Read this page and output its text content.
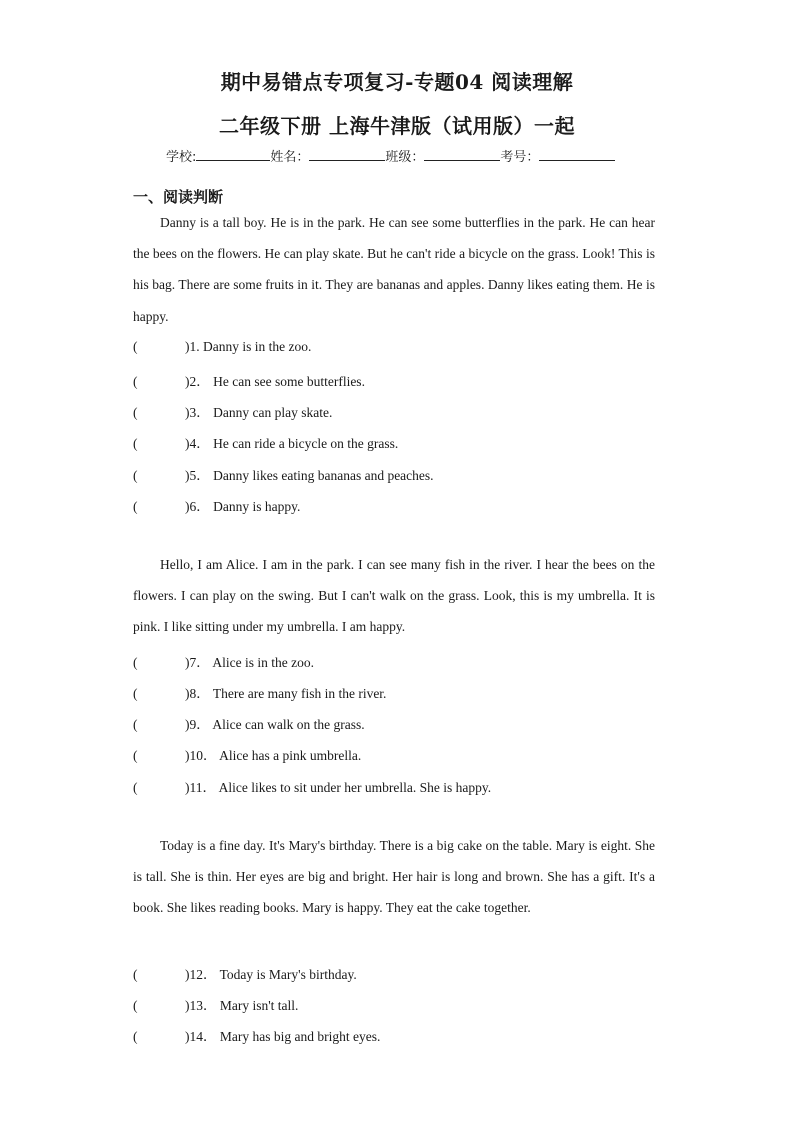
期中易错点专项复习-专题04 阅读理解
二年级下册 上海牛津版（试用版）一起
学校:	姓名：	班级：	考号：
一、阅读判断
Danny is a tall boy. He is in the park. He can see some butterflies in the park. He can hear the bees on the flowers. He can play skate. But he can't ride a bicycle on the grass. Look! This is his bag. There are some fruits in it. They are bananas and apples. Danny likes eating them. He is happy.
(	)1. Danny is in the zoo.
(	)2． He can see some butterflies.
(	)3． Danny can play skate.
(	)4． He can ride a bicycle on the grass.
(	)5． Danny likes eating bananas and peaches.
(	)6． Danny is happy.
Hello, I am Alice. I am in the park. I can see many fish in the river. I hear the bees on the flowers. I can play on the swing. But I can't walk on the grass. Look, this is my umbrella. It is pink. I like sitting under my umbrella. I am happy.
(	)7． Alice is in the zoo.
(	)8． There are many fish in the river.
(	)9． Alice can walk on the grass.
(	)10． Alice has a pink umbrella.
(	)11． Alice likes to sit under her umbrella. She is happy.
Today is a fine day. It's Mary's birthday. There is a big cake on the table. Mary is eight. She is tall. She is thin. Her eyes are big and bright. Her hair is long and brown. She has a gift. It's a book. She likes reading books. Mary is happy. They eat the cake together.
(	)12． Today is Mary's birthday.
(	)13． Mary isn't tall.
(	)14． Mary has big and bright eyes.
